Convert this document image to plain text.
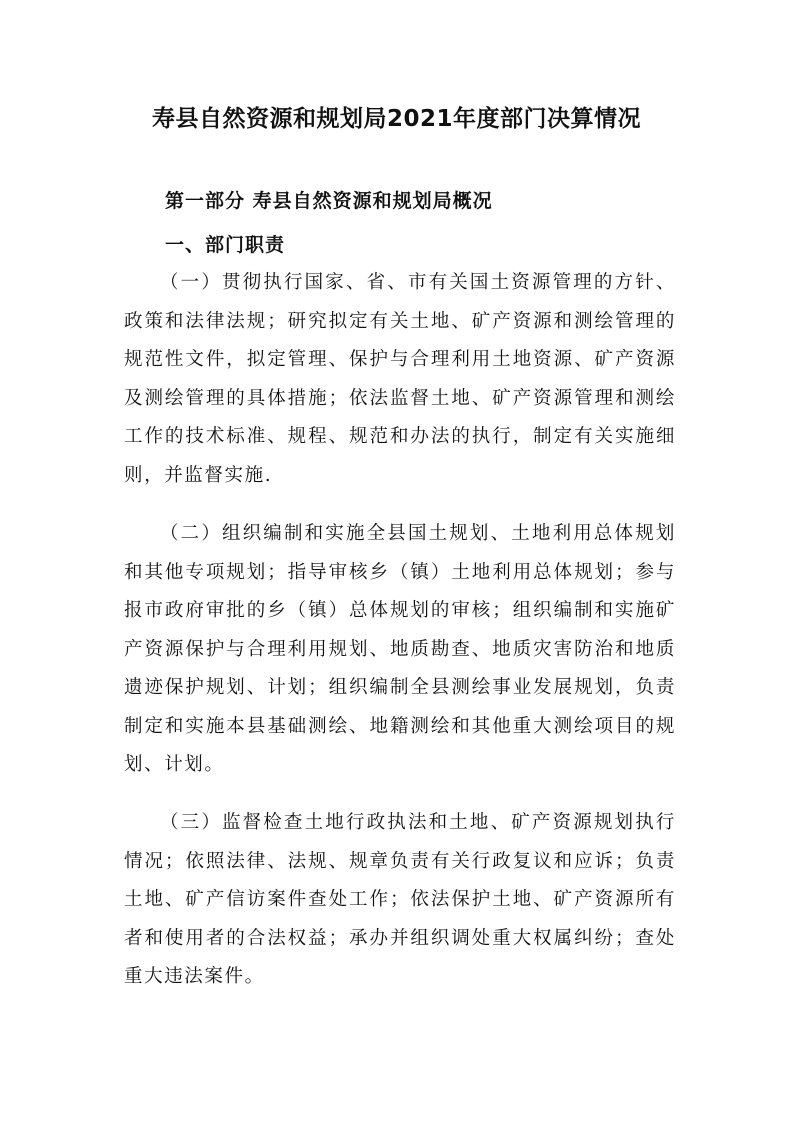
寿县自然资源和规划局2021年度部门决算情况
第一部分 寿县自然资源和规划局概况
一、部门职责

（一）贯彻执行国家、省、市有关国土资源管理的方针、政策和法律法规；研究拟定有关土地、矿产资源和测绘管理的规范性文件，拟定管理、保护与合理利用土地资源、矿产资源及测绘管理的具体措施；依法监督土地、矿产资源管理和测绘工作的技术标准、规程、规范和办法的执行，制定有关实施细则，并监督实施.

（二）组织编制和实施全县国土规划、土地利用总体规划和其他专项规划；指导审核乡（镇）土地利用总体规划；参与报市政府审批的乡（镇）总体规划的审核；组织编制和实施矿产资源保护与合理利用规划、地质勘查、地质灾害防治和地质遗迹保护规划、计划；组织编制全县测绘事业发展规划，负责制定和实施本县基础测绘、地籍测绘和其他重大测绘项目的规划、计划。

（三）监督检查土地行政执法和土地、矿产资源规划执行情况；依照法律、法规、规章负责有关行政复议和应诉；负责土地、矿产信访案件查处工作；依法保护土地、矿产资源所有者和使用者的合法权益；承办并组织调处重大权属纠纷；查处重大违法案件。
